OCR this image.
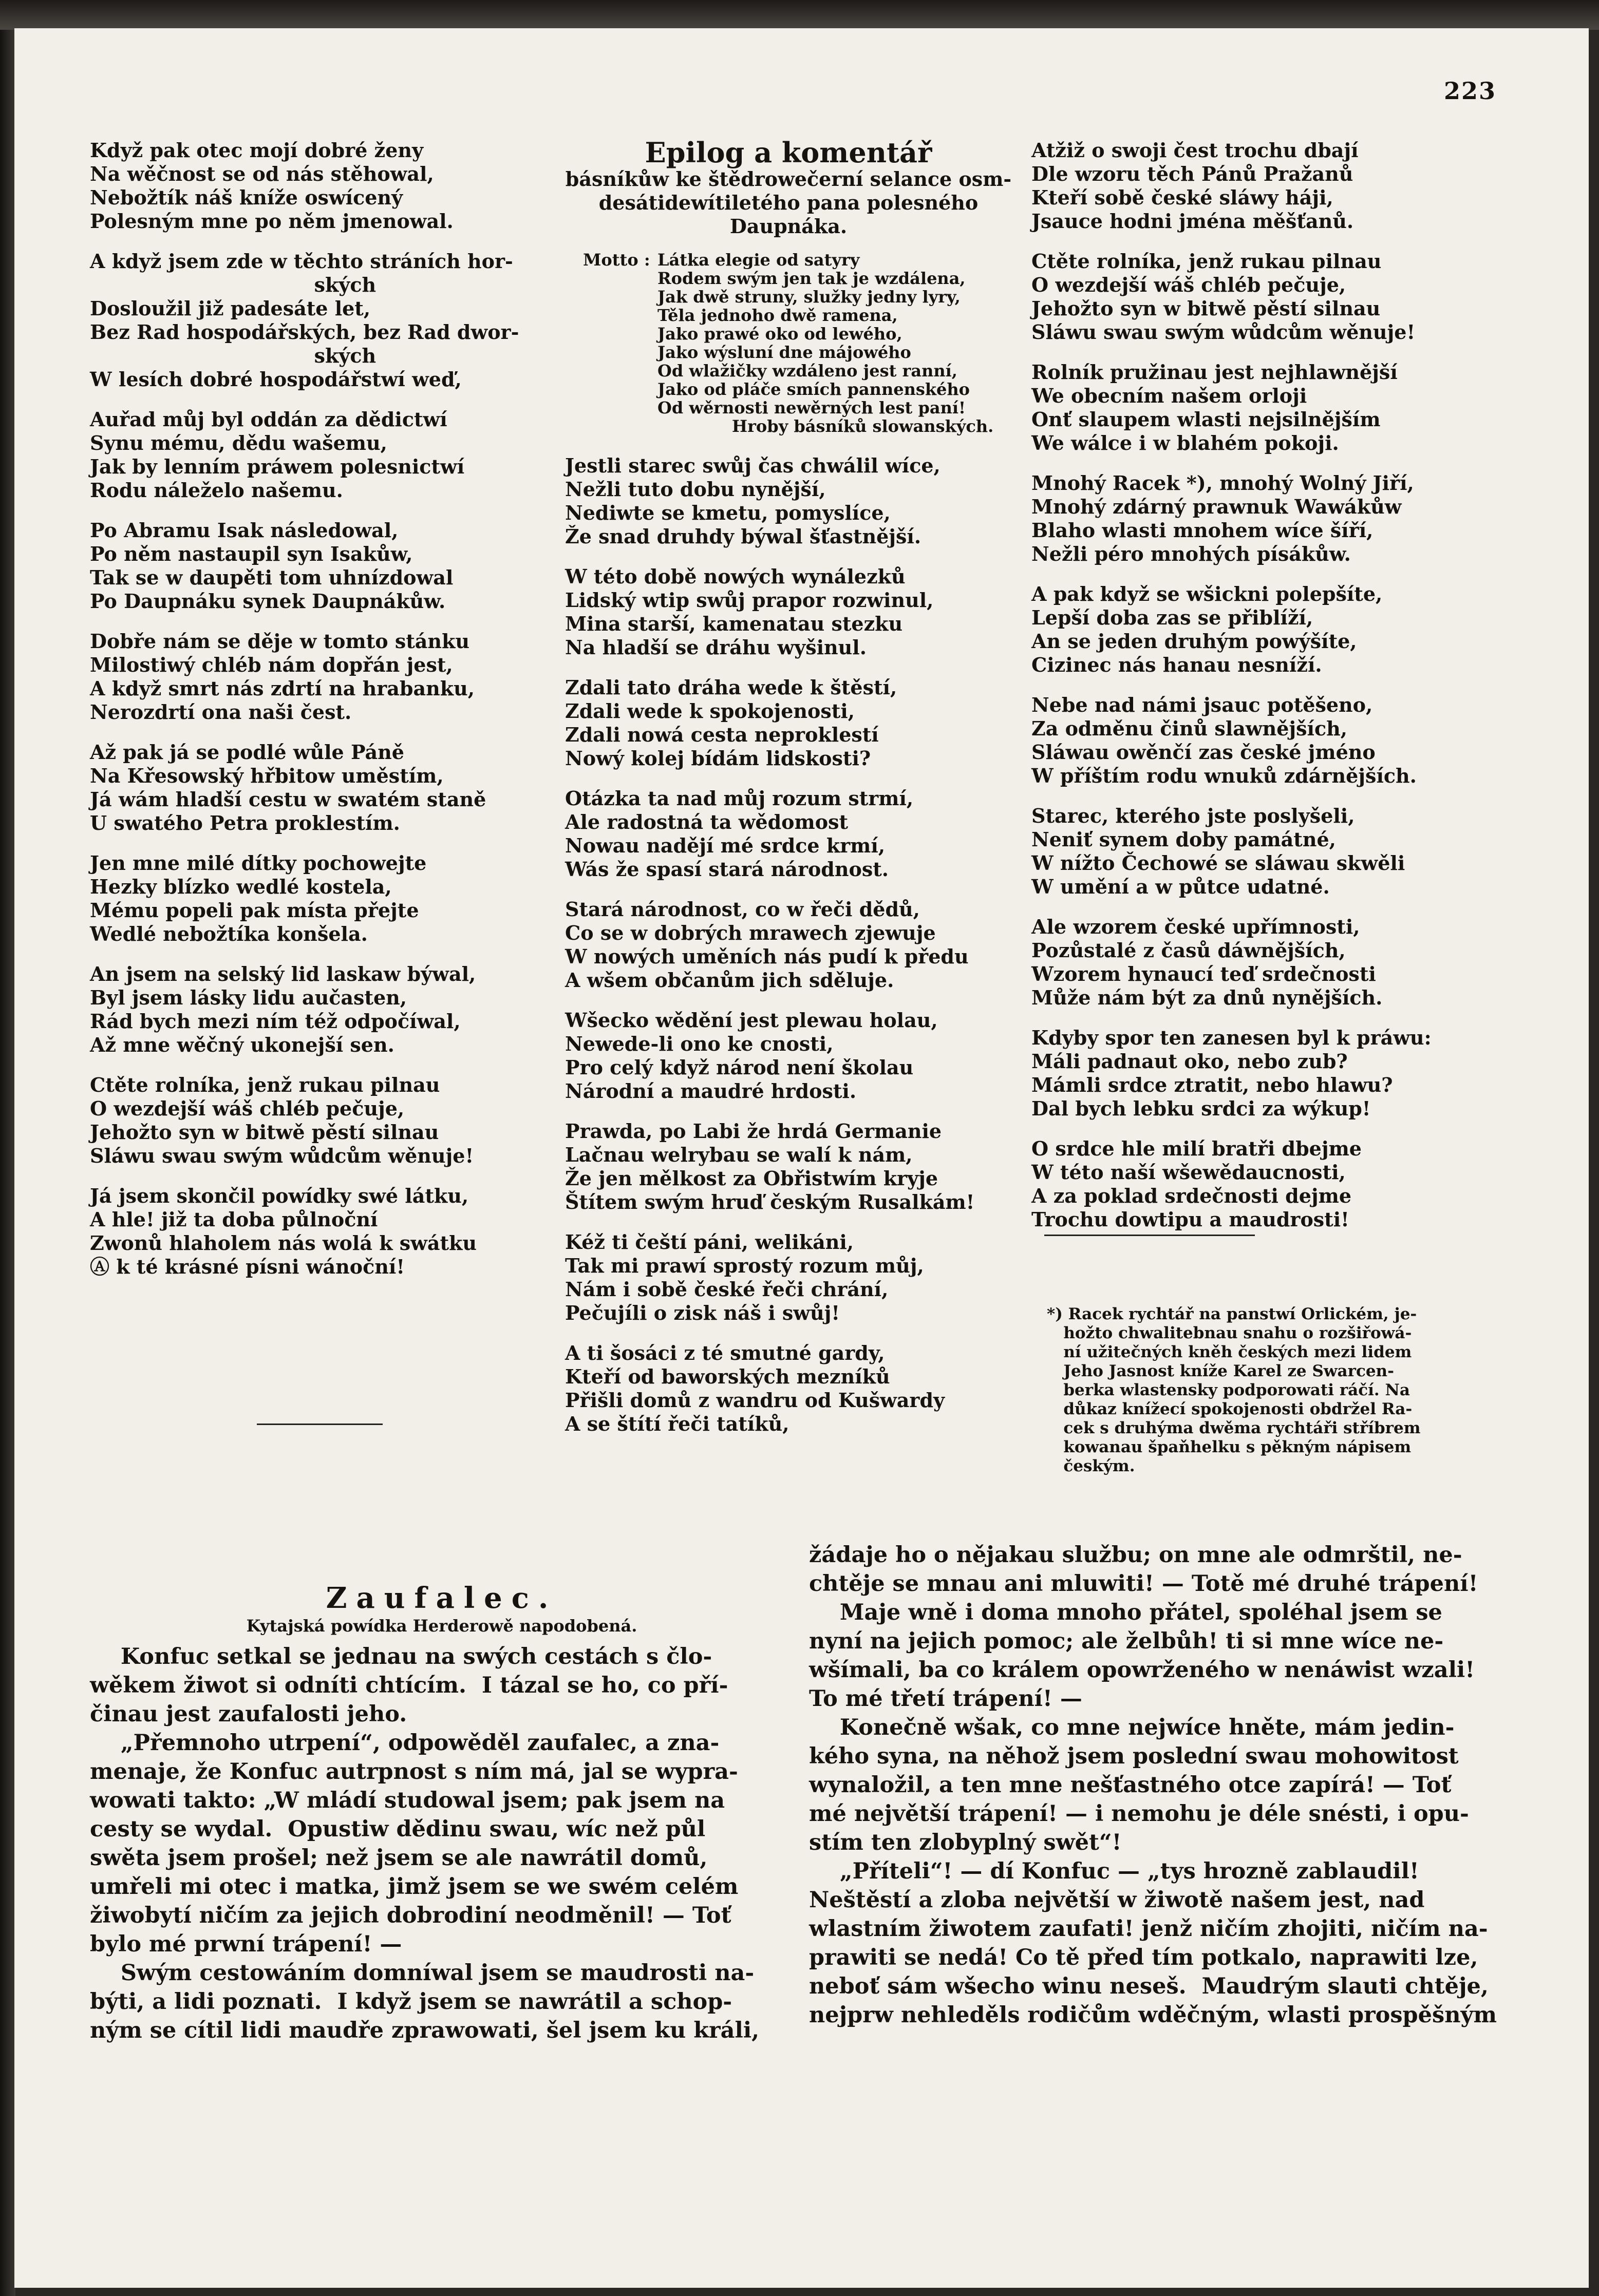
223

Když pak otec mojí dobré ženy
Na wěčnost se od nás stěhowal,
Nebožtík náš kníže oswícený
Polesným mne po něm jmenowal.

A když jsem zde w těchto stráních hor-
ských
Dosloužil již padesáte let,
Bez Rad hospodářských, bez Rad dwor-
ských
W lesích dobré hospodářstwí weď,

Auřad můj byl oddán za dědictwí
Synu mému, dědu wašemu,
Jak by lenním práwem polesnictwí
Rodu náleželo našemu.

Po Abramu Isak následowal,
Po něm nastaupil syn Isakůw,
Tak se w daupěti tom uhnízdowal
Po Daupnáku synek Daupnákůw.

Dobře nám se děje w tomto stánku
Milostiwý chléb nám dopřán jest,
A když smrt nás zdrtí na hrabanku,
Nerozdrtí ona naši čest.

Až pak já se podlé wůle Páně
Na Křesowský hřbitow uměstím,
Já wám hladší cestu w swatém staně
U swatého Petra proklestím.

Jen mne milé dítky pochowejte
Hezky blízko wedlé kostela,
Mému popeli pak místa přejte
Wedlé nebožtíka konšela.

An jsem na selský lid laskaw býwal,
Byl jsem lásky lidu aučasten,
Rád bych mezi ním též odpočíwal,
Až mne wěčný ukonejší sen.

Ctěte rolníka, jenž rukau pilnau
O wezdejší wáš chléb pečuje,
Jehožto syn w bitwě pěstí silnau
Sláwu swau swým wůdcům wěnuje!

Já jsem skončil powídky swé látku,
A hle! již ta doba půlnoční
Zwonů hlaholem nás wolá k swátku
Ⓐ k té krásné písni wánoční!

Epilog a komentář
básníkůw ke štědrowečerní selance osm-
desátidewítiletého pana polesného
Daupnáka.
Motto : Látka elegie od satyry
Rodem swým jen tak je wzdálena,
Jak dwě struny, služky jedny lyry,
Těla jednoho dwě ramena,
Jako prawé oko od lewého,
Jako wýsluní dne májowého
Od wlažičky wzdáleno jest ranní,
Jako od pláče smích pannenského
Od wěrnosti newěrných lest paní!
Hroby básníků slowanských.

Jestli starec swůj čas chwálil wíce,
Nežli tuto dobu nynější,
Nediwte se kmetu, pomyslíce,
Že snad druhdy býwal šťastnější.

W této době nowých wynálezků
Lidský wtip swůj prapor rozwinul,
Mina starší, kamenatau stezku
Na hladší se dráhu wyšinul.

Zdali tato dráha wede k štěstí,
Zdali wede k spokojenosti,
Zdali nowá cesta neproklestí
Nowý kolej bídám lidskosti?

Otázka ta nad můj rozum strmí,
Ale radostná ta wědomost
Nowau nadějí mé srdce krmí,
Wás že spasí stará národnost.

Stará národnost, co w řeči dědů,
Co se w dobrých mrawech zjewuje
W nowých uměních nás pudí k předu
A wšem občanům jich sděluje.

Wšecko wědění jest plewau holau,
Newede-li ono ke cnosti,
Pro celý když národ není školau
Národní a maudré hrdosti.

Prawda, po Labi že hrdá Germanie
Lačnau welrybau se walí k nám,
Že jen mělkost za Obřistwím kryje
Štítem swým hruď českým Rusalkám!

Kéž ti čeští páni, welikáni,
Tak mi prawí sprostý rozum můj,
Nám i sobě české řeči chrání,
Pečujíli o zisk náš i swůj!

A ti šosáci z té smutné gardy,
Kteří od baworských mezníků
Přišli domů z wandru od Kušwardy
A se štítí řeči tatíků,

Atžiž o swoji čest trochu dbají
Dle wzoru těch Pánů Pražanů
Kteří sobě české sláwy háji,
Jsauce hodni jména měšťanů.

Ctěte rolníka, jenž rukau pilnau
O wezdejší wáš chléb pečuje,
Jehožto syn w bitwě pěstí silnau
Sláwu swau swým wůdcům wěnuje!

Rolník pružinau jest nejhlawnější
We obecním našem orloji
Onť slaupem wlasti nejsilnějším
We wálce i w blahém pokoji.

Mnohý Racek *), mnohý Wolný Jiří,
Mnohý zdárný prawnuk Wawákůw
Blaho wlasti mnohem wíce šíří,
Nežli péro mnohých písákůw.

A pak když se wšickni polepšíte,
Lepší doba zas se přiblíží,
An se jeden druhým powýšíte,
Cizinec nás hanau nesníží.

Nebe nad námi jsauc potěšeno,
Za odměnu činů slawnějších,
Sláwau owěnčí zas české jméno
W příštím rodu wnuků zdárnějších.

Starec, kterého jste poslyšeli,
Neniť synem doby památné,
W nížto Čechowé se sláwau skwěli
W umění a w půtce udatné.

Ale wzorem české upřímnosti,
Pozůstalé z časů dáwnějších,
Wzorem hynaucí teď srdečnosti
Může nám být za dnů nynějších.

Kdyby spor ten zanesen byl k práwu:
Máli padnaut oko, nebo zub?
Mámli srdce ztratit, nebo hlawu?
Dal bych lebku srdci za wýkup!

O srdce hle milí bratři dbejme
W této naší wšewědaucnosti,
A za poklad srdečnosti dejme
Trochu dowtipu a maudrosti!

*) Racek rychtář na panstwí Orlickém, je-
hožto chwalitebnau snahu o rozšiřowá-
ní užitečných kněh českých mezi lidem
Jeho Jasnost kníže Karel ze Swarcen-
berka wlastensky podporowati ráčí. Na
důkaz knížecí spokojenosti obdržel Ra-
cek s druhýma dwěma rychtáři stříbrem
kowanau špaňhelku s pěkným nápisem
českým.

Zaufalec.
Kytajská powídka Herderowě napodobená.

Konfuc setkal se jednau na swých cestách s člo-
wěkem žiwot si odníti chtícím.  I tázal se ho, co pří-
činau jest zaufalosti jeho.
„Přemnoho utrpení“, odpowěděl zaufalec, a zna-
menaje, že Konfuc autrpnost s ním má, jal se wypra-
wowati takto: „W mládí studowal jsem; pak jsem na
cesty se wydal.  Opustiw dědinu swau, wíc než půl
swěta jsem prošel; než jsem se ale nawrátil domů,
umřeli mi otec i matka, jimž jsem se we swém celém
žiwobytí ničím za jejich dobrodiní neodměnil! — Toť
bylo mé prwní trápení! —
Swým cestowáním domníwal jsem se maudrosti na-
býti, a lidi poznati.  I když jsem se nawrátil a schop-
ným se cítil lidi maudře zprawowati, šel jsem ku králi,

žádaje ho o nějakau službu; on mne ale odmrštil, ne-
chtěje se mnau ani mluwiti! — Totě mé druhé trápení!
Maje wně i doma mnoho přátel, spoléhal jsem se
nyní na jejich pomoc; ale želbůh! ti si mne wíce ne-
wšímali, ba co králem opowrženého w nenáwist wzali!
To mé třetí trápení! —
Konečně wšak, co mne nejwíce hněte, mám jedin-
kého syna, na něhož jsem poslední swau mohowitost
wynaložil, a ten mne nešťastného otce zapírá! — Toť
mé největší trápení! — i nemohu je déle snésti, i opu-
stím ten zlobyplný swět“!
„Příteli“! — dí Konfuc — „tys hrozně zablaudil!
Neštěstí a zloba největší w žiwotě našem jest, nad
wlastním žiwotem zaufati! jenž ničím zhojiti, ničím na-
prawiti se nedá! Co tě před tím potkalo, naprawiti lze,
neboť sám wšecho winu neseš.  Maudrým slauti chtěje,
nejprw nehleděls rodičům wděčným, wlasti prospěšným
